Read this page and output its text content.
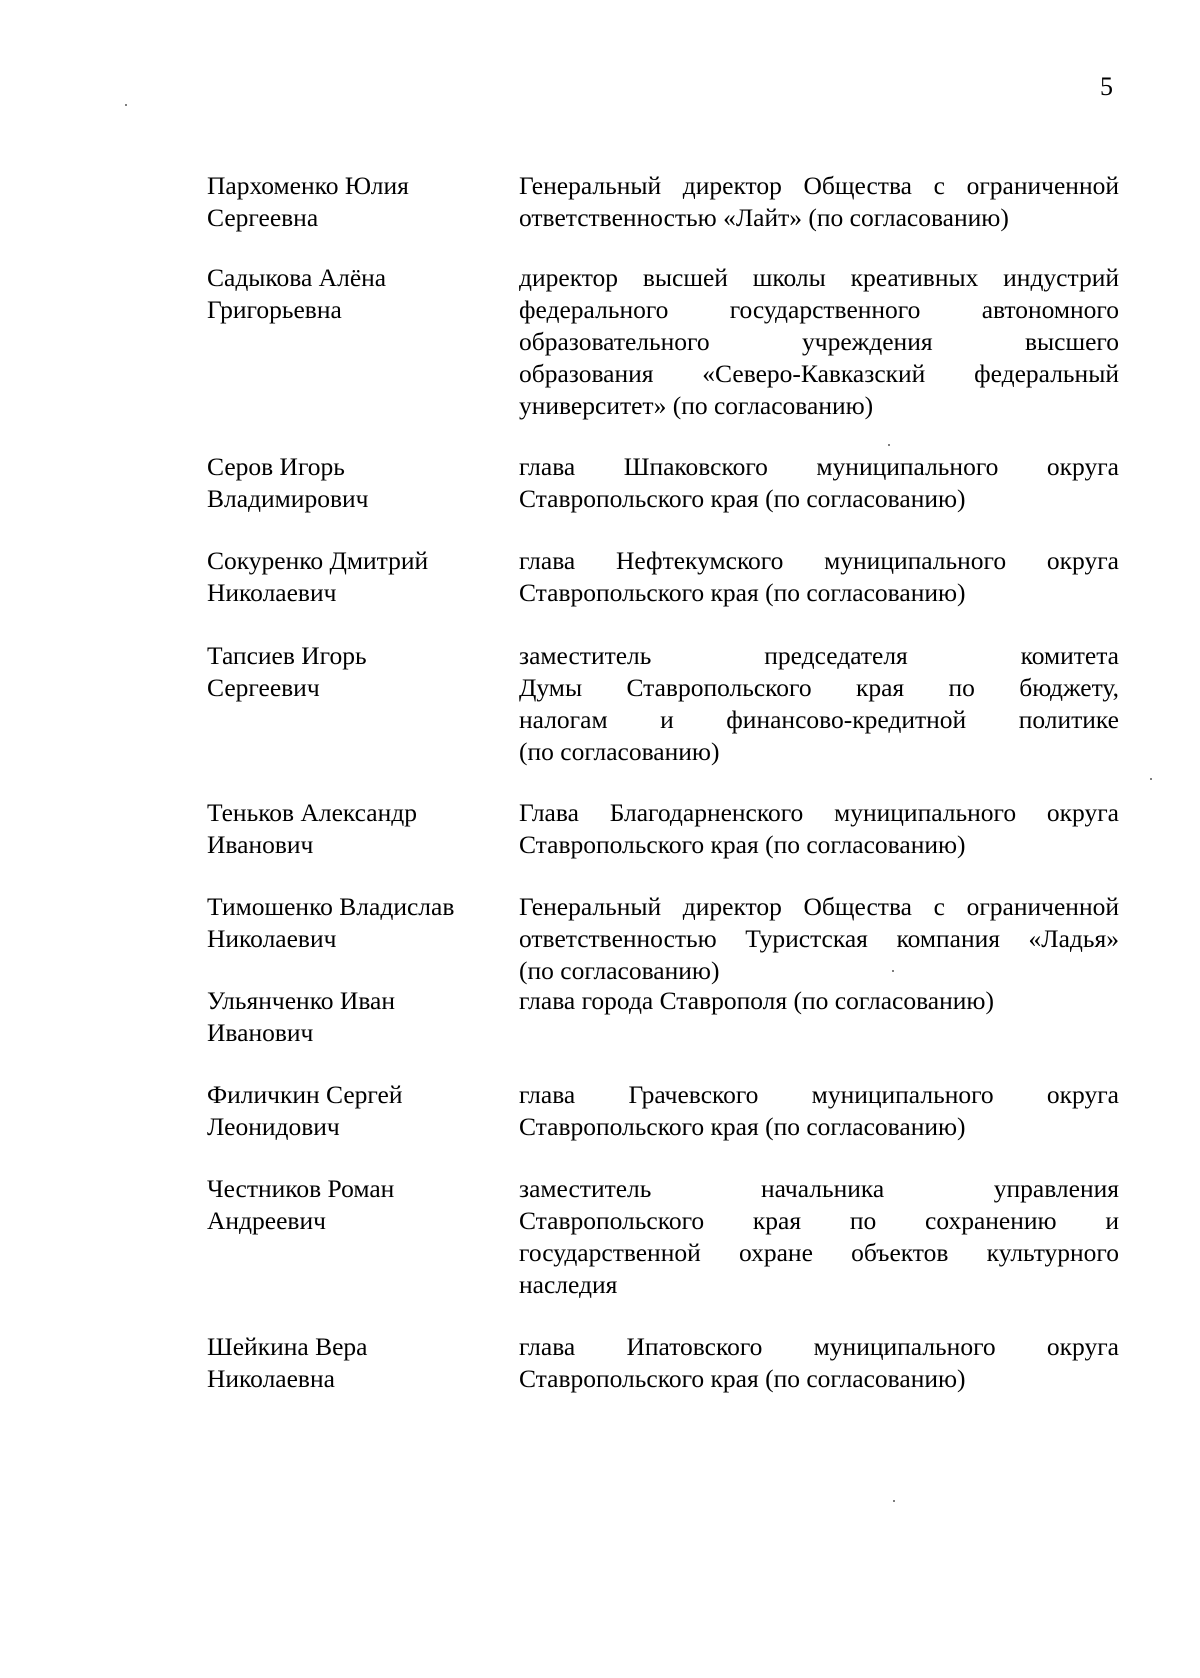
5
Пархоменко Юлия
Сергеевна
Генеральный директор Общества с ограниченной
ответственностью «Лайт» (по согласованию)
Садыкова Алёна
Григорьевна
директор высшей школы креативных индустрий
федерального государственного автономного
образовательного учреждения высшего
образования «Северо-Кавказский федеральный
университет» (по согласованию)
Серов Игорь
Владимирович
глава Шпаковского муниципального округа
Ставропольского края (по согласованию)
Сокуренко Дмитрий
Николаевич
глава Нефтекумского муниципального округа
Ставропольского края (по согласованию)
Тапсиев Игорь
Сергеевич
заместитель председателя комитета
Думы Ставропольского края по бюджету,
налогам и финансово-кредитной политике
(по согласованию)
Теньков Александр
Иванович
Глава Благодарненского муниципального округа
Ставропольского края (по согласованию)
Тимошенко Владислав
Николаевич
Генеральный директор Общества с ограниченной
ответственностью Туристская компания «Ладья»
(по согласованию)
Ульянченко Иван
Иванович
глава города Ставрополя (по согласованию)
Филичкин Сергей
Леонидович
глава Грачевского муниципального округа
Ставропольского края (по согласованию)
Честников Роман
Андреевич
заместитель начальника управления
Ставропольского края по сохранению и
государственной охране объектов культурного
наследия
Шейкина Вера
Николаевна
глава Ипатовского муниципального округа
Ставропольского края (по согласованию)
